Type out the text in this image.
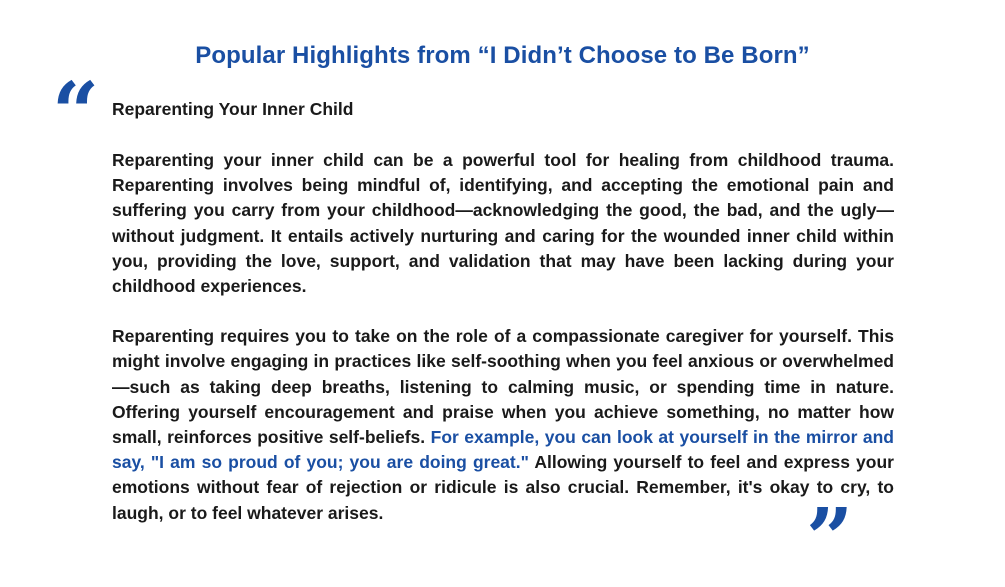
Popular Highlights from “I Didn’t Choose to Be Born”
“ Reparenting Your Inner Child

Reparenting your inner child can be a powerful tool for healing from childhood trauma. Reparenting involves being mindful of, identifying, and accepting the emotional pain and suffering you carry from your childhood—acknowledging the good, the bad, and the ugly—without judgment. It entails actively nurturing and caring for the wounded inner child within you, providing the love, support, and validation that may have been lacking during your childhood experiences.

Reparenting requires you to take on the role of a compassionate caregiver for yourself. This might involve engaging in practices like self-soothing when you feel anxious or overwhelmed—such as taking deep breaths, listening to calming music, or spending time in nature. Offering yourself encouragement and praise when you achieve something, no matter how small, reinforces positive self-beliefs. For example, you can look at yourself in the mirror and say, "I am so proud of you; you are doing great." Allowing yourself to feel and express your emotions without fear of rejection or ridicule is also crucial. Remember, it's okay to cry, to laugh, or to feel whatever arises.	”
